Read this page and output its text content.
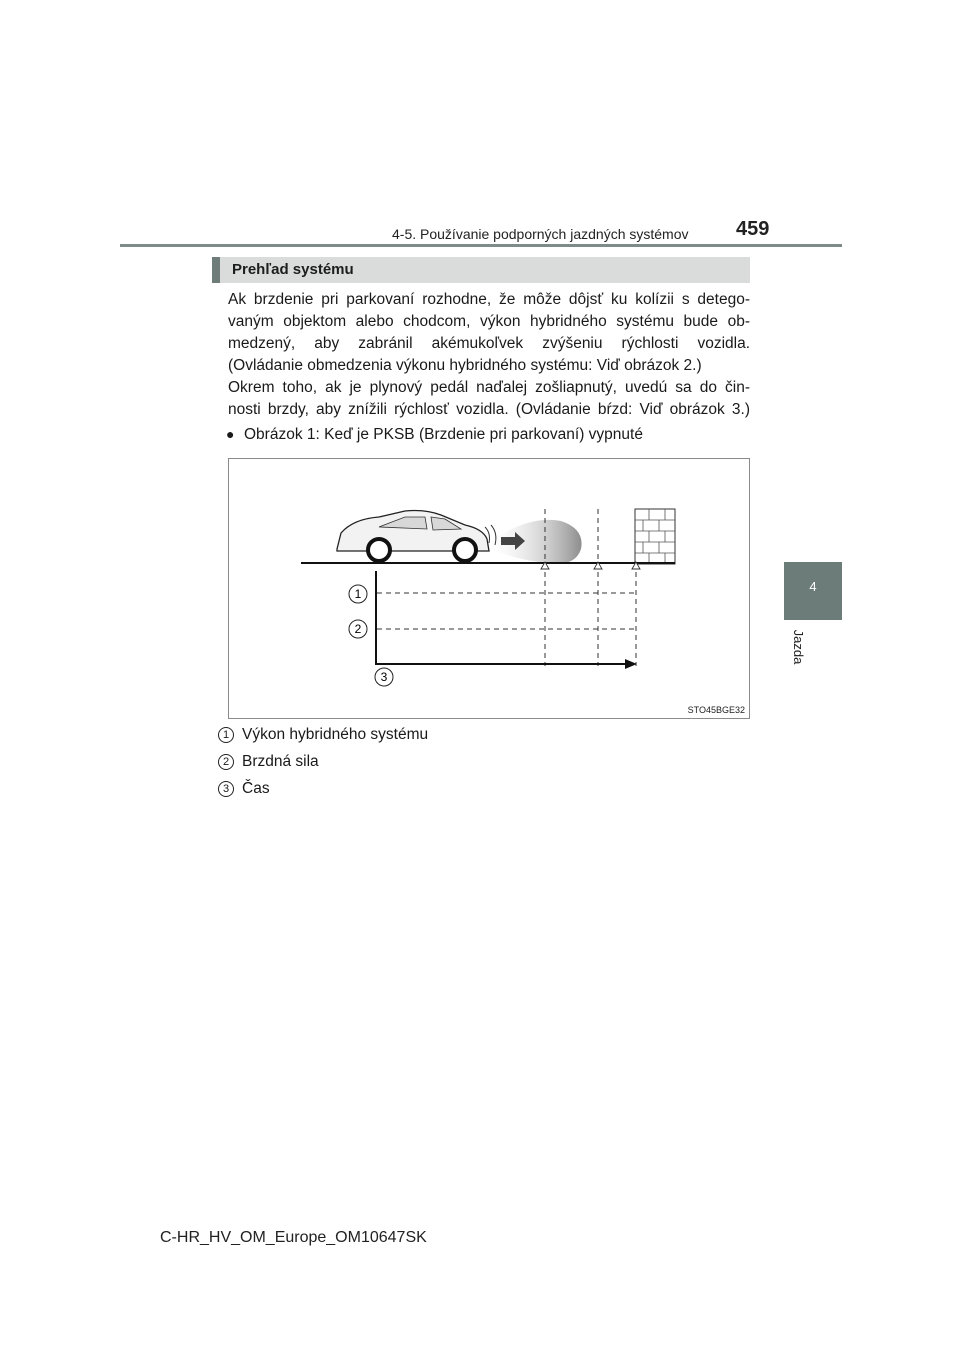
4-5. Používanie podporných jazdných systémov	459
4
Jazda
Prehľad systému

Ak brzdenie pri parkovaní rozhodne, že môže dôjsť ku kolízii s detego-

vaným objektom alebo chodcom, výkon hybridného systému bude ob-

medzený, aby zabránil akémukoľvek zvýšeniu rýchlosti vozidla.

(Ovládanie obmedzenia výkonu hybridného systému: Viď obrázok 2.)

Okrem toho, ak je plynový pedál naďalej zošliapnutý, uvedú sa do čin-

nosti brzdy, aby znížili rýchlosť vozidla. (Ovládanie bŕzd: Viď obrázok 3.)

● Obrázok 1: Keď je PKSB (Brzdenie pri parkovaní) vypnuté
1
2
3
STO45BGE32
1 Výkon hybridného systému
2 Brzdná sila
3 Čas
C-HR_HV_OM_Europe_OM10647SK
